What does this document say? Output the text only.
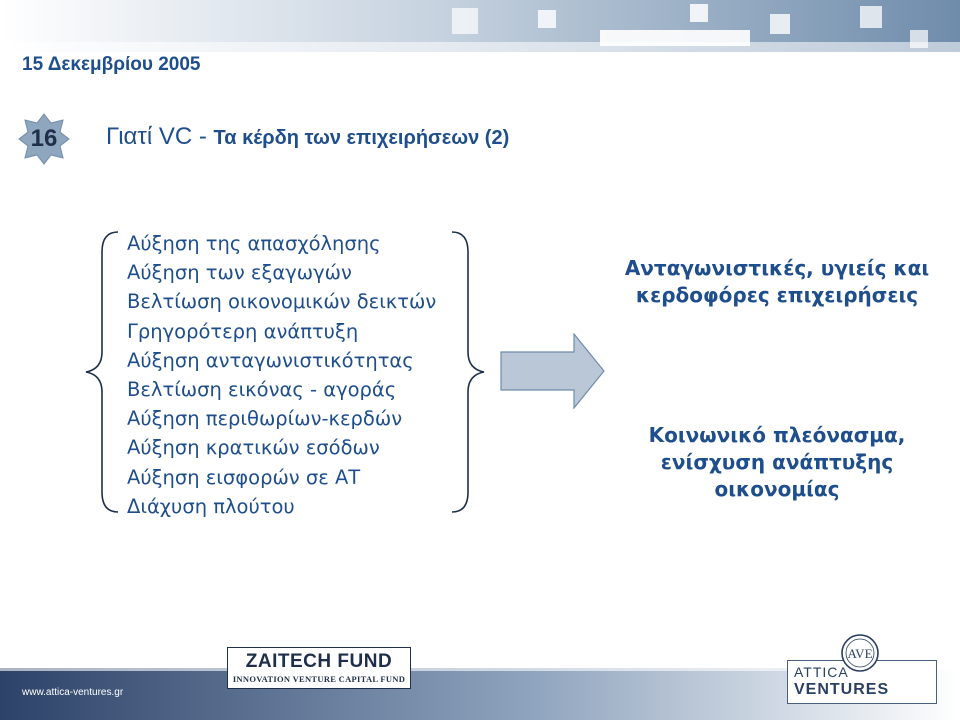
15 Δεκεμβρίου 2005
16	Γιατί VC - Τα κέρδη των επιχειρήσεων (2)
Αύξηση της απασχόλησης
Αύξηση των εξαγωγών
Βελτίωση οικονομικών δεικτών
Γρηγορότερη ανάπτυξη
Αύξηση ανταγωνιστικότητας
Βελτίωση εικόνας - αγοράς
Αύξηση περιθωρίων-κερδών
Αύξηση κρατικών εσόδων
Αύξηση εισφορών σε ΑΤ
Διάχυση πλούτου
Ανταγωνιστικές, υγιείς και
κερδοφόρες επιχειρήσεις
Κοινωνικό πλεόνασμα,
ενίσχυση ανάπτυξης
οικονομίας
www.attica-ventures.gr
ZAITECH FUND
INNOVATION VENTURE CAPITAL FUND	ATTICA
VENTURES
AVE
